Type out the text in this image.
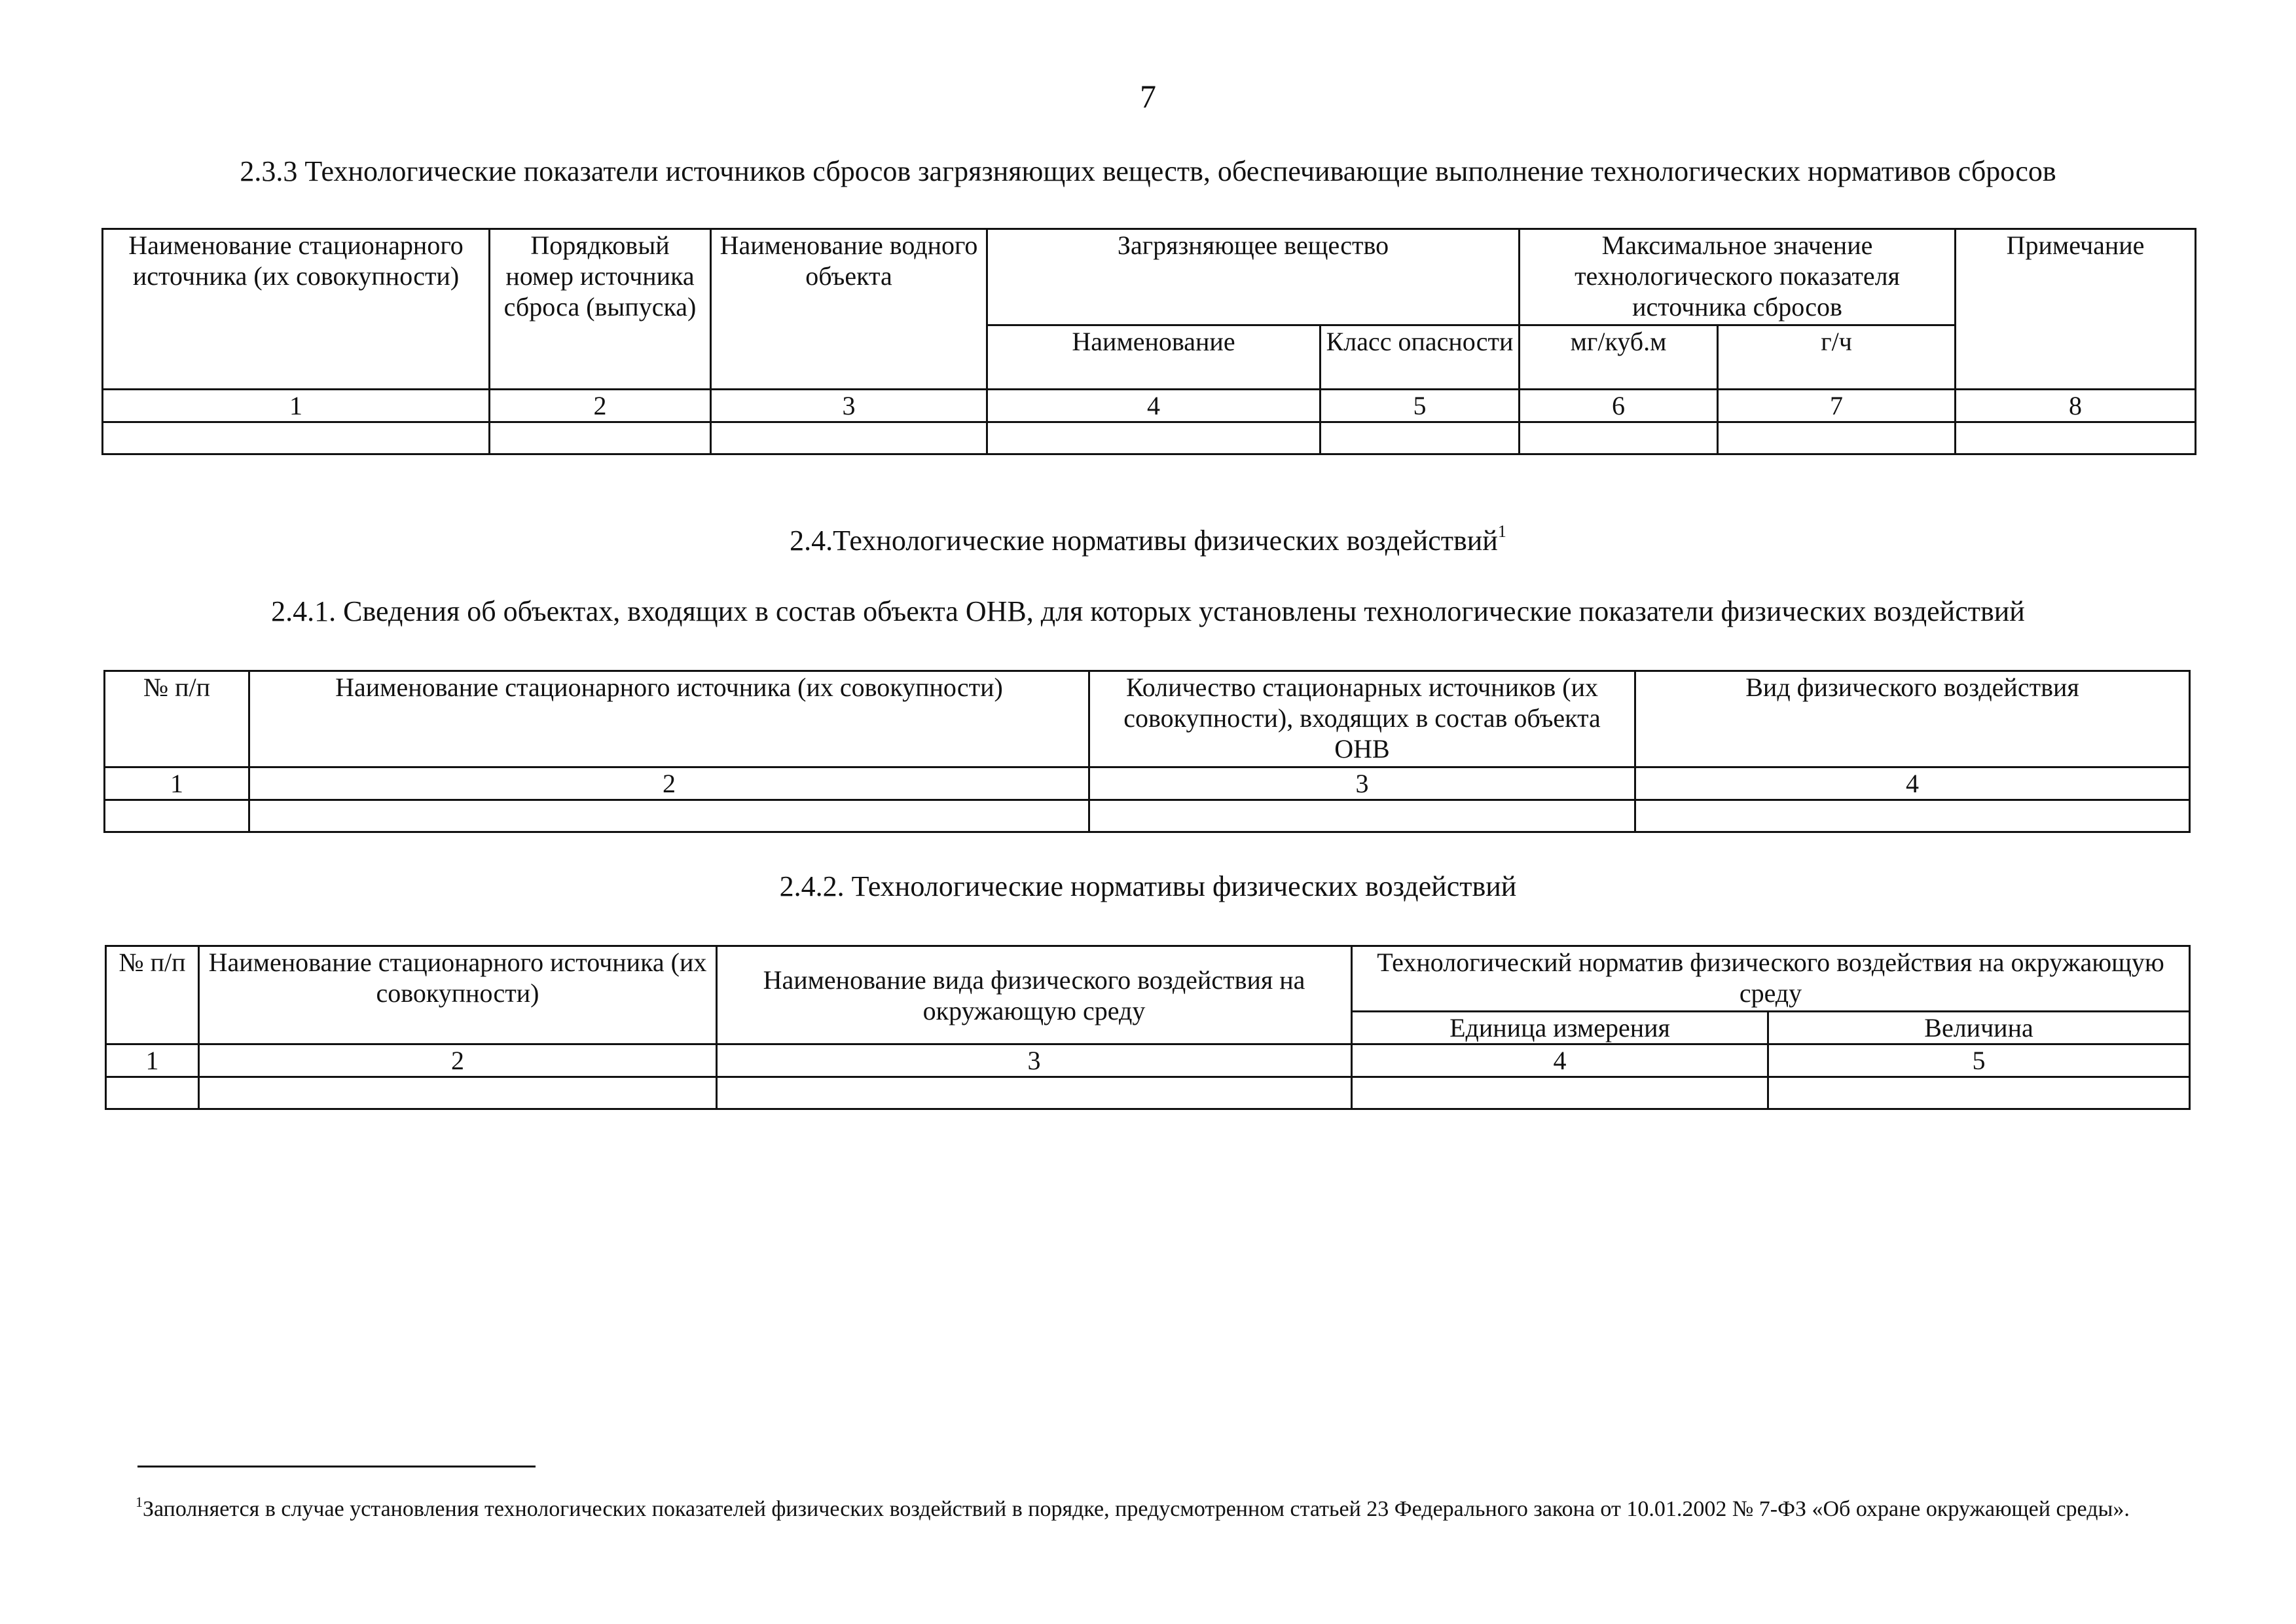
7
2.3.3 Технологические показатели источников сбросов загрязняющих веществ, обеспечивающие выполнение технологических нормативов сбросов
Наименование стационарного источника (их совокупности)	Порядковый номер источника сброса (выпуска)	Наименование водного объекта	Загрязняющее вещество		Максимальное значение технологического показателя источника сбросов		Примечание
			Наименование	Класс опасности	мг/куб.м	г/ч	
1	2	3	4	5	6	7	8

2.4.Технологические нормативы физических воздействий$^1$
2.4.1. Сведения об объектах, входящих в состав объекта ОНВ, для которых установлены технологические показатели физических воздействий
№ п/п	Наименование стационарного источника (их совокупности)	Количество стационарных источников (их совокупности), входящих в состав объекта ОНВ	Вид физического воздействия
1	2	3	4

2.4.2. Технологические нормативы физических воздействий
№ п/п	Наименование стационарного источника (их совокупности)	Наименование вида физического воздействия на окружающую среду	Технологический норматив физического воздействия на окружающую среду	
			Единица измерения	Величина
1	2	3	4	5

$^1$Заполняется в случае установления технологических показателей физических воздействий в порядке, предусмотренном статьей 23 Федерального закона от 10.01.2002 № 7-ФЗ «Об охране окружающей среды».
